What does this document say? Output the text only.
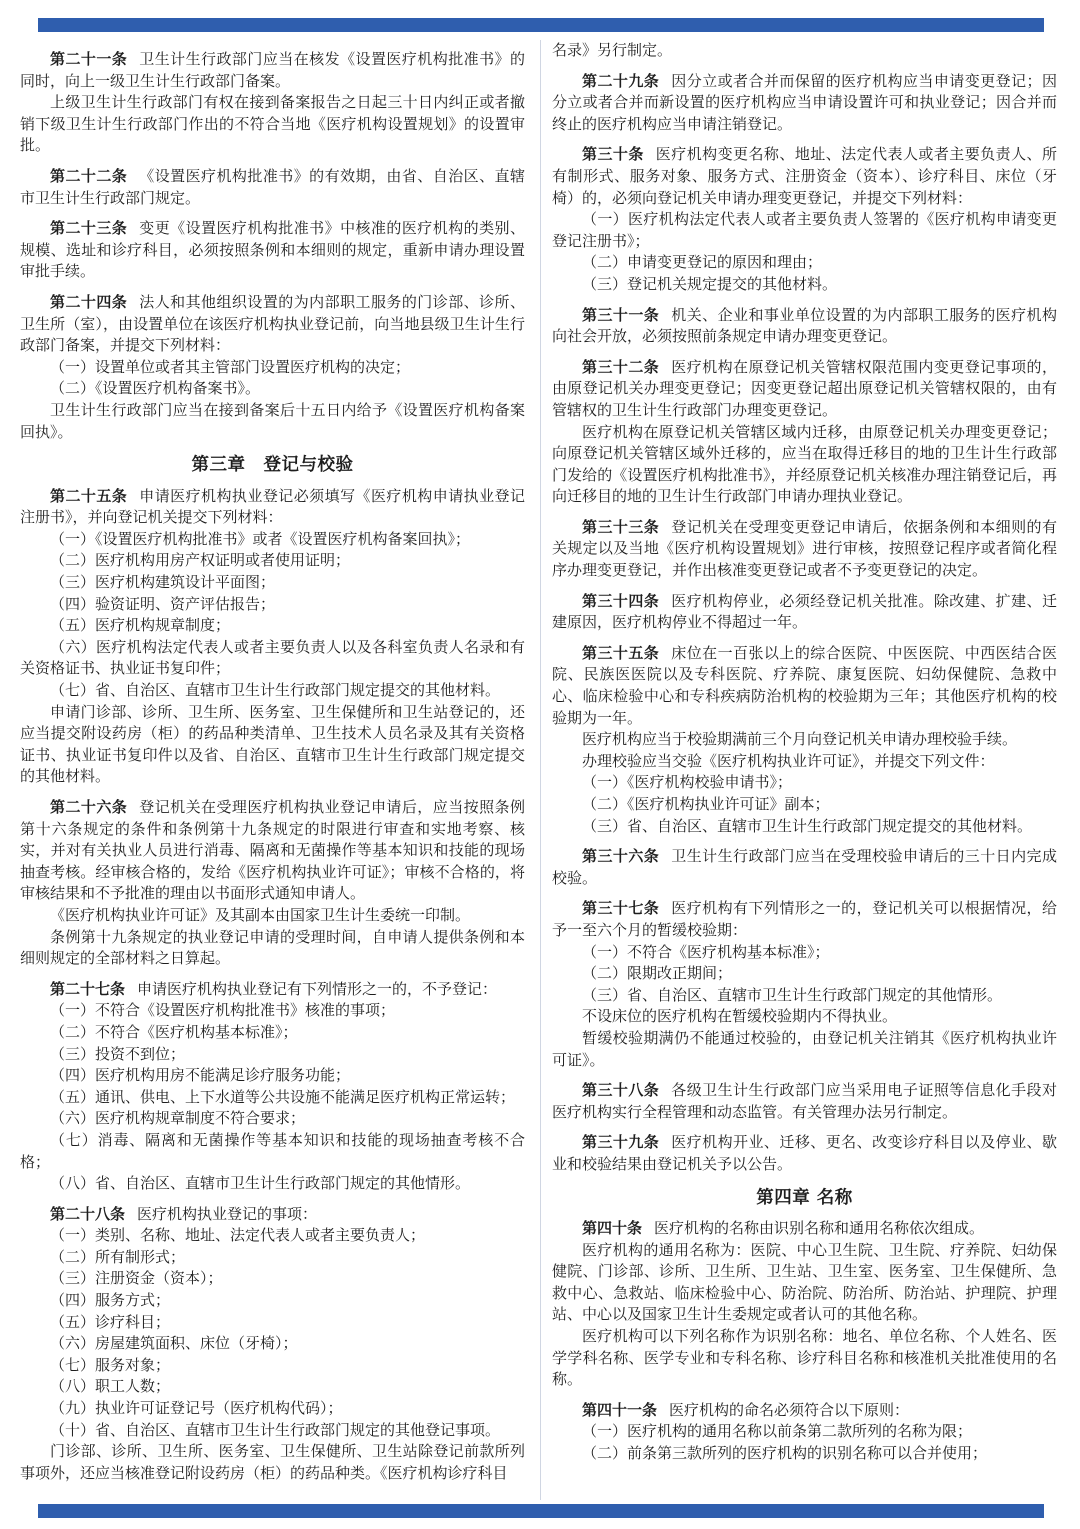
第二十一条 卫生计生行政部门应当在核发《设置医疗机构批准书》的同时，向上一级卫生计生行政部门备案。

上级卫生计生行政部门有权在接到备案报告之日起三十日内纠正或者撤销下级卫生计生行政部门作出的不符合当地《医疗机构设置规划》的设置审批。

第二十二条 《设置医疗机构批准书》的有效期，由省、自治区、直辖市卫生计生行政部门规定。

第二十三条 变更《设置医疗机构批准书》中核准的医疗机构的类别、规模、选址和诊疗科目，必须按照条例和本细则的规定，重新申请办理设置审批手续。

第二十四条 法人和其他组织设置的为内部职工服务的门诊部、诊所、卫生所（室），由设置单位在该医疗机构执业登记前，向当地县级卫生计生行政部门备案，并提交下列材料：

（一）设置单位或者其主管部门设置医疗机构的决定；

（二）《设置医疗机构备案书》。

卫生计生行政部门应当在接到备案后十五日内给予《设置医疗机构备案回执》。

第三章　登记与校验

第二十五条 申请医疗机构执业登记必须填写《医疗机构申请执业登记注册书》，并向登记机关提交下列材料：

（一）《设置医疗机构批准书》或者《设置医疗机构备案回执》；

（二）医疗机构用房产权证明或者使用证明；

（三）医疗机构建筑设计平面图；

（四）验资证明、资产评估报告；

（五）医疗机构规章制度；

（六）医疗机构法定代表人或者主要负责人以及各科室负责人名录和有关资格证书、执业证书复印件；

（七）省、自治区、直辖市卫生计生行政部门规定提交的其他材料。

申请门诊部、诊所、卫生所、医务室、卫生保健所和卫生站登记的，还应当提交附设药房（柜）的药品种类清单、卫生技术人员名录及其有关资格证书、执业证书复印件以及省、自治区、直辖市卫生计生行政部门规定提交的其他材料。

第二十六条 登记机关在受理医疗机构执业登记申请后，应当按照条例第十六条规定的条件和条例第十九条规定的时限进行审查和实地考察、核实，并对有关执业人员进行消毒、隔离和无菌操作等基本知识和技能的现场抽查考核。经审核合格的，发给《医疗机构执业许可证》；审核不合格的，将审核结果和不予批准的理由以书面形式通知申请人。

《医疗机构执业许可证》及其副本由国家卫生计生委统一印制。

条例第十九条规定的执业登记申请的受理时间，自申请人提供条例和本细则规定的全部材料之日算起。

第二十七条 申请医疗机构执业登记有下列情形之一的，不予登记：

（一）不符合《设置医疗机构批准书》核准的事项；

（二）不符合《医疗机构基本标准》；

（三）投资不到位；

（四）医疗机构用房不能满足诊疗服务功能；

（五）通讯、供电、上下水道等公共设施不能满足医疗机构正常运转；

（六）医疗机构规章制度不符合要求；

（七）消毒、隔离和无菌操作等基本知识和技能的现场抽查考核不合格；

（八）省、自治区、直辖市卫生计生行政部门规定的其他情形。

第二十八条 医疗机构执业登记的事项：

（一）类别、名称、地址、法定代表人或者主要负责人；

（二）所有制形式；

（三）注册资金（资本）；

（四）服务方式；

（五）诊疗科目；

（六）房屋建筑面积、床位（牙椅）；

（七）服务对象；

（八）职工人数；

（九）执业许可证登记号（医疗机构代码）；

（十）省、自治区、直辖市卫生计生行政部门规定的其他登记事项。

门诊部、诊所、卫生所、医务室、卫生保健所、卫生站除登记前款所列事项外，还应当核准登记附设药房（柜）的药品种类。《医疗机构诊疗科目

名录》另行制定。

第二十九条 因分立或者合并而保留的医疗机构应当申请变更登记；因分立或者合并而新设置的医疗机构应当申请设置许可和执业登记；因合并而终止的医疗机构应当申请注销登记。

第三十条 医疗机构变更名称、地址、法定代表人或者主要负责人、所有制形式、服务对象、服务方式、注册资金（资本）、诊疗科目、床位（牙椅）的，必须向登记机关申请办理变更登记，并提交下列材料：

（一）医疗机构法定代表人或者主要负责人签署的《医疗机构申请变更登记注册书》；

（二）申请变更登记的原因和理由；

（三）登记机关规定提交的其他材料。

第三十一条 机关、企业和事业单位设置的为内部职工服务的医疗机构向社会开放，必须按照前条规定申请办理变更登记。

第三十二条 医疗机构在原登记机关管辖权限范围内变更登记事项的，由原登记机关办理变更登记；因变更登记超出原登记机关管辖权限的，由有管辖权的卫生计生行政部门办理变更登记。

医疗机构在原登记机关管辖区域内迁移，由原登记机关办理变更登记；向原登记机关管辖区域外迁移的，应当在取得迁移目的地的卫生计生行政部门发给的《设置医疗机构批准书》，并经原登记机关核准办理注销登记后，再向迁移目的地的卫生计生行政部门申请办理执业登记。

第三十三条 登记机关在受理变更登记申请后，依据条例和本细则的有关规定以及当地《医疗机构设置规划》进行审核，按照登记程序或者简化程序办理变更登记，并作出核准变更登记或者不予变更登记的决定。

第三十四条 医疗机构停业，必须经登记机关批准。除改建、扩建、迁建原因，医疗机构停业不得超过一年。

第三十五条 床位在一百张以上的综合医院、中医医院、中西医结合医院、民族医医院以及专科医院、疗养院、康复医院、妇幼保健院、急救中心、临床检验中心和专科疾病防治机构的校验期为三年；其他医疗机构的校验期为一年。

医疗机构应当于校验期满前三个月向登记机关申请办理校验手续。

办理校验应当交验《医疗机构执业许可证》，并提交下列文件：

（一）《医疗机构校验申请书》；

（二）《医疗机构执业许可证》副本；

（三）省、自治区、直辖市卫生计生行政部门规定提交的其他材料。

第三十六条 卫生计生行政部门应当在受理校验申请后的三十日内完成校验。

第三十七条 医疗机构有下列情形之一的，登记机关可以根据情况，给予一至六个月的暂缓校验期：

（一）不符合《医疗机构基本标准》；

（二）限期改正期间；

（三）省、自治区、直辖市卫生计生行政部门规定的其他情形。

不设床位的医疗机构在暂缓校验期内不得执业。

暂缓校验期满仍不能通过校验的，由登记机关注销其《医疗机构执业许可证》。

第三十八条 各级卫生计生行政部门应当采用电子证照等信息化手段对医疗机构实行全程管理和动态监管。有关管理办法另行制定。

第三十九条 医疗机构开业、迁移、更名、改变诊疗科目以及停业、歇业和校验结果由登记机关予以公告。

第四章 名称

第四十条 医疗机构的名称由识别名称和通用名称依次组成。

医疗机构的通用名称为：医院、中心卫生院、卫生院、疗养院、妇幼保健院、门诊部、诊所、卫生所、卫生站、卫生室、医务室、卫生保健所、急救中心、急救站、临床检验中心、防治院、防治所、防治站、护理院、护理站、中心以及国家卫生计生委规定或者认可的其他名称。

医疗机构可以下列名称作为识别名称：地名、单位名称、个人姓名、医学学科名称、医学专业和专科名称、诊疗科目名称和核准机关批准使用的名称。

第四十一条 医疗机构的命名必须符合以下原则：

（一）医疗机构的通用名称以前条第二款所列的名称为限；

（二）前条第三款所列的医疗机构的识别名称可以合并使用；
